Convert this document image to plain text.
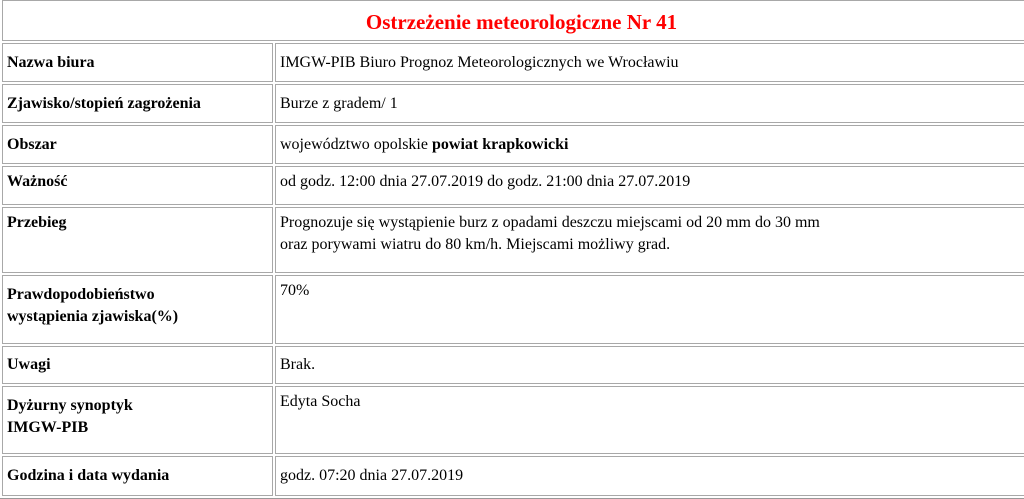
Ostrzeżenie meteorologiczne Nr 41	
Nazwa biura	IMGW-PIB Biuro Prognoz Meteorologicznych we Wrocławiu
Zjawisko/stopień zagrożenia	Burze z gradem/ 1
Obszar	województwo opolskie powiat krapkowicki
Ważność	od godz. 12:00 dnia 27.07.2019 do godz. 21:00 dnia 27.07.2019
Przebieg	Prognozuje się wystąpienie burz z opadami deszczu miejscami od 20 mm do 30 mm oraz porywami wiatru do 80 km/h. Miejscami możliwy grad.

Prawdopodobieństwo wystąpienia zjawiska(%)	70%
Uwagi	Brak.

Dyżurny synoptyk IMGW-PIB	Edyta Socha
Godzina i data wydania	godz. 07:20 dnia 27.07.2019
